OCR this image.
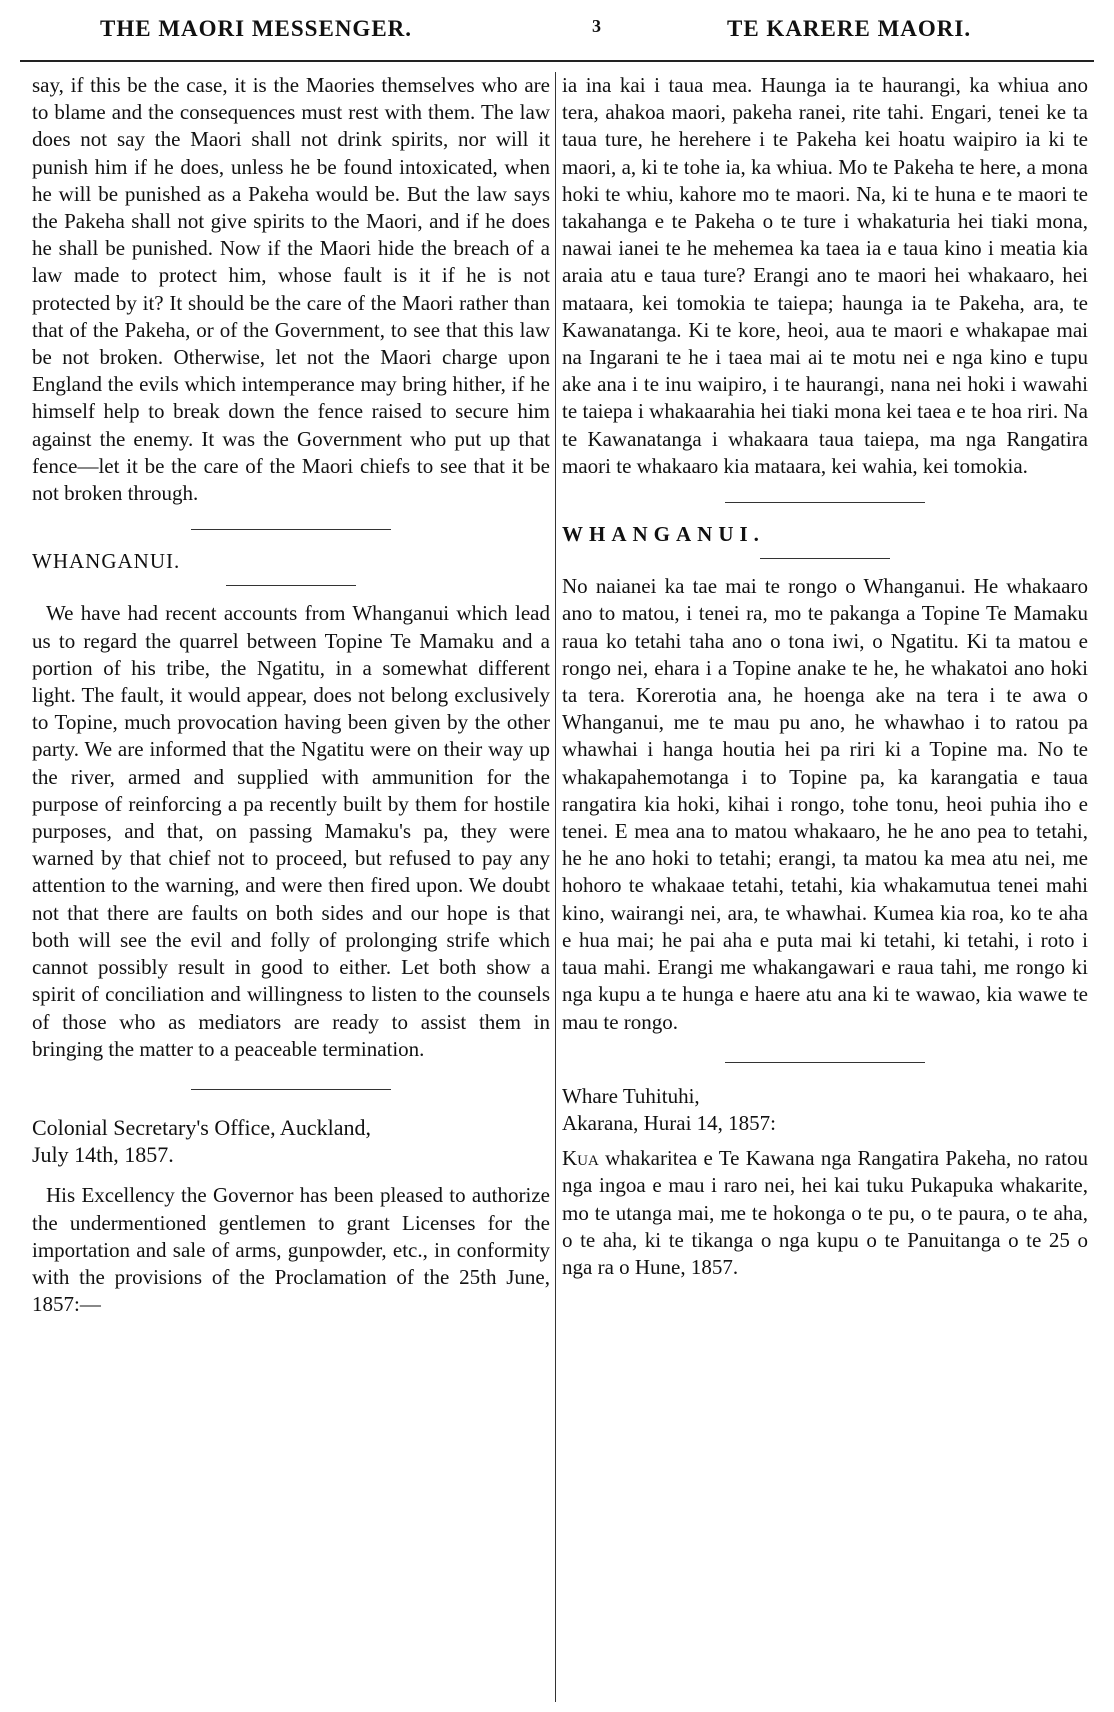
THE MAORI MESSENGER.	3	TE KARERE MAORI.

say, if this be the case, it is the Maories themselves who are to blame and the consequences must rest with them. The law does not say the Maori shall not drink spirits, nor will it punish him if he does, unless he be found intoxicated, when he will be punished as a Pakeha would be. But the law says the Pakeha shall not give spirits to the Maori, and if he does he shall be punished. Now if the Maori hide the breach of a law made to protect him, whose fault is it if he is not protected by it? It should be the care of the Maori rather than that of the Pakeha, or of the Government, to see that this law be not broken. Otherwise, let not the Maori charge upon England the evils which intemperance may bring hither, if he himself help to break down the fence raised to secure him against the enemy. It was the Government who put up that fence—let it be the care of the Maori chiefs to see that it be not broken through.

WHANGANUI.

We have had recent accounts from Whanganui which lead us to regard the quarrel between Topine Te Mamaku and a portion of his tribe, the Ngatitu, in a somewhat different light. The fault, it would appear, does not belong exclusively to Topine, much provocation having been given by the other party. We are informed that the Ngatitu were on their way up the river, armed and supplied with ammunition for the purpose of reinforcing a pa recently built by them for hostile purposes, and that, on passing Mamaku's pa, they were warned by that chief not to proceed, but refused to pay any attention to the warning, and were then fired upon. We doubt not that there are faults on both sides and our hope is that both will see the evil and folly of prolonging strife which cannot possibly result in good to either. Let both show a spirit of conciliation and willingness to listen to the counsels of those who as mediators are ready to assist them in bringing the matter to a peaceable termination.

Colonial Secretary's Office, Auckland,

July 14th, 1857.

His Excellency the Governor has been pleased to authorize the undermentioned gentlemen to grant Licenses for the importation and sale of arms, gunpowder, etc., in conformity with the provisions of the Proclamation of the 25th June, 1857:—

ia ina kai i taua mea. Haunga ia te haurangi, ka whiua ano tera, ahakoa maori, pakeha ranei, rite tahi. Engari, tenei ke ta taua ture, he herehere i te Pakeha kei hoatu waipiro ia ki te maori, a, ki te tohe ia, ka whiua. Mo te Pakeha te here, a mona hoki te whiu, kahore mo te maori. Na, ki te huna e te maori te takahanga e te Pakeha o te ture i whakaturia hei tiaki mona, nawai ianei te he mehemea ka taea ia e taua kino i meatia kia araia atu e taua ture? Erangi ano te maori hei whakaaro, hei mataara, kei tomokia te taiepa; haunga ia te Pakeha, ara, te Kawanatanga. Ki te kore, heoi, aua te maori e whakapae mai na Ingarani te he i taea mai ai te motu nei e nga kino e tupu ake ana i te inu waipiro, i te haurangi, nana nei hoki i wawahi te taiepa i whakaarahia hei tiaki mona kei taea e te hoa riri. Na te Kawanatanga i whakaara taua taiepa, ma nga Rangatira maori te whakaaro kia mataara, kei wahia, kei tomokia.

WHANGANUI.

No naianei ka tae mai te rongo o Whanganui. He whakaaro ano to matou, i tenei ra, mo te pakanga a Topine Te Mamaku raua ko tetahi taha ano o tona iwi, o Ngatitu. Ki ta matou e rongo nei, ehara i a Topine anake te he, he whakatoi ano hoki ta tera. Korerotia ana, he hoenga ake na tera i te awa o Whanganui, me te mau pu ano, he whawhao i to ratou pa whawhai i hanga houtia hei pa riri ki a Topine ma. No te whakapahemotanga i to Topine pa, ka karangatia e taua rangatira kia hoki, kihai i rongo, tohe tonu, heoi puhia iho e tenei. E mea ana to matou whakaaro, he he ano pea to tetahi, he he ano hoki to tetahi; erangi, ta matou ka mea atu nei, me hohoro te whakaae tetahi, tetahi, kia whakamutua tenei mahi kino, wairangi nei, ara, te whawhai. Kumea kia roa, ko te aha e hua mai; he pai aha e puta mai ki tetahi, ki tetahi, i roto i taua mahi. Erangi me whakangawari e raua tahi, me rongo ki nga kupu a te hunga e haere atu ana ki te wawao, kia wawe te mau te rongo.

Whare Tuhituhi,

Akarana, Hurai 14, 1857:

Kua whakaritea e Te Kawana nga Rangatira Pakeha, no ratou nga ingoa e mau i raro nei, hei kai tuku Pukapuka whakarite, mo te utanga mai, me te hokonga o te pu, o te paura, o te aha, o te aha, ki te tikanga o nga kupu o te Panuitanga o te 25 o nga ra o Hune, 1857.
